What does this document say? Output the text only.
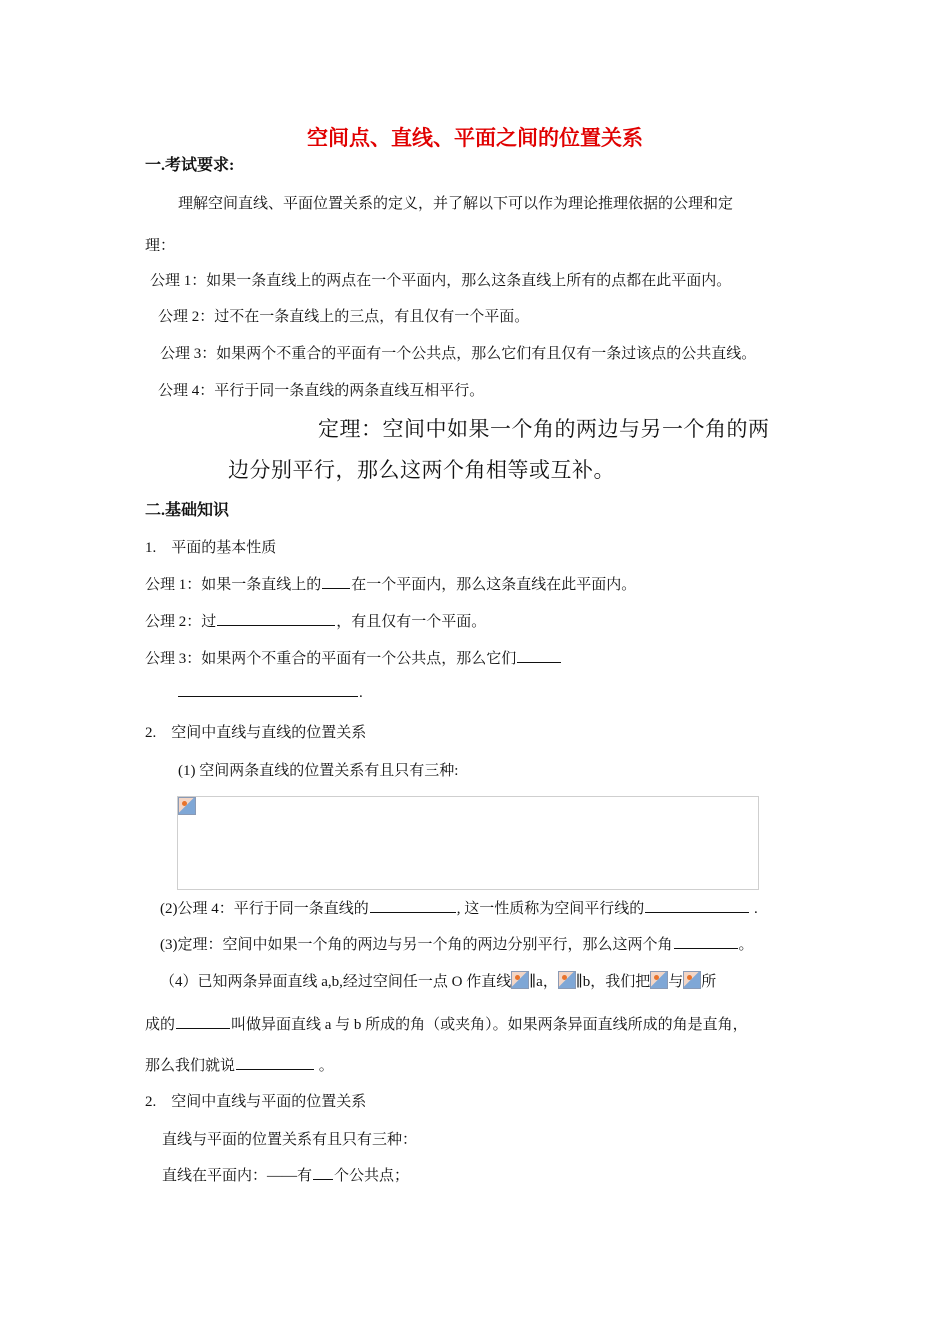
空间点、直线、平面之间的位置关系
一.考试要求:
理解空间直线、平面位置关系的定义，并了解以下可以作为理论推理依据的公理和定
理：
公理 1：如果一条直线上的两点在一个平面内，那么这条直线上所有的点都在此平面内。
公理 2：过不在一条直线上的三点，有且仅有一个平面。
公理 3：如果两个不重合的平面有一个公共点，那么它们有且仅有一条过该点的公共直线。
公理 4：平行于同一条直线的两条直线互相平行。
定理：空间中如果一个角的两边与另一个角的两
边分别平行，那么这两个角相等或互补。
二.基础知识
1.　平面的基本性质
公理 1：如果一条直线上的 在一个平面内，那么这条直线在此平面内。
公理 2：过	，有且仅有一个平面。
公理 3：如果两个不重合的平面有一个公共点，那么它们
.
2.　空间中直线与直线的位置关系
(1) 空间两条直线的位置关系有且只有三种:
(2)公理 4：平行于同一条直线的	, 这一性质称为空间平行线的	.
(3)定理：空间中如果一个角的两边与另一个角的两边分别平行，那么这两个角	。
（4）已知两条异面直线 a,b,经过空间任一点 O 作直线 ∥a， ∥b，我们把 与 所
成的	叫做异面直线 a 与 b 所成的角（或夹角）。如果两条异面直线所成的角是直角，
那么我们就说	。
2.　空间中直线与平面的位置关系
直线与平面的位置关系有且只有三种：
直线在平面内：——有 个公共点；
